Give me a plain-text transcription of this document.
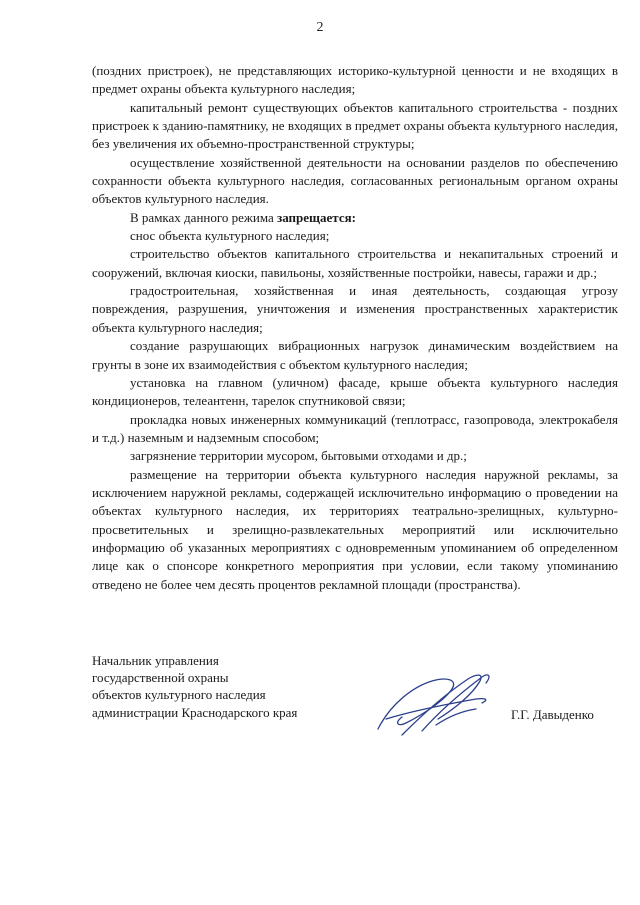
2

(поздних пристроек), не представляющих историко-культурной ценности и не входящих в предмет охраны объекта культурного наследия;

капитальный ремонт существующих объектов капитального строительства - поздних пристроек к зданию-памятнику, не входящих в предмет охраны объекта культурного наследия, без увеличения их объемно-пространственной структуры;

осуществление хозяйственной деятельности на основании разделов по обеспечению сохранности объекта культурного наследия, согласованных региональным органом охраны объектов культурного наследия.

В рамках данного режима запрещается:

снос объекта культурного наследия;

строительство объектов капитального строительства и некапитальных строений и сооружений, включая киоски, павильоны, хозяйственные постройки, навесы, гаражи и др.;

градостроительная, хозяйственная и иная деятельность, создающая угрозу повреждения, разрушения, уничтожения и изменения пространственных характеристик объекта культурного наследия;

создание разрушающих вибрационных нагрузок динамическим воздействием на грунты в зоне их взаимодействия с объектом культурного наследия;

установка на главном (уличном) фасаде, крыше объекта культурного наследия кондиционеров, телеантенн, тарелок спутниковой связи;

прокладка новых инженерных коммуникаций (теплотрасс, газопровода, электрокабеля и т.д.) наземным и надземным способом;

загрязнение территории мусором, бытовыми отходами и др.;

размещение на территории объекта культурного наследия наружной рекламы, за исключением наружной рекламы, содержащей исключительно информацию о проведении на объектах культурного наследия, их территориях театрально-зрелищных, культурно-просветительных и зрелищно-развлекательных мероприятий или исключительно информацию об указанных мероприятиях с одновременным упоминанием об определенном лице как о спонсоре конкретного мероприятия при условии, если такому упоминанию отведено не более чем десять процентов рекламной площади (пространства).

Начальник управления
государственной охраны
объектов культурного наследия
администрации Краснодарского края	Г.Г. Давыденко
